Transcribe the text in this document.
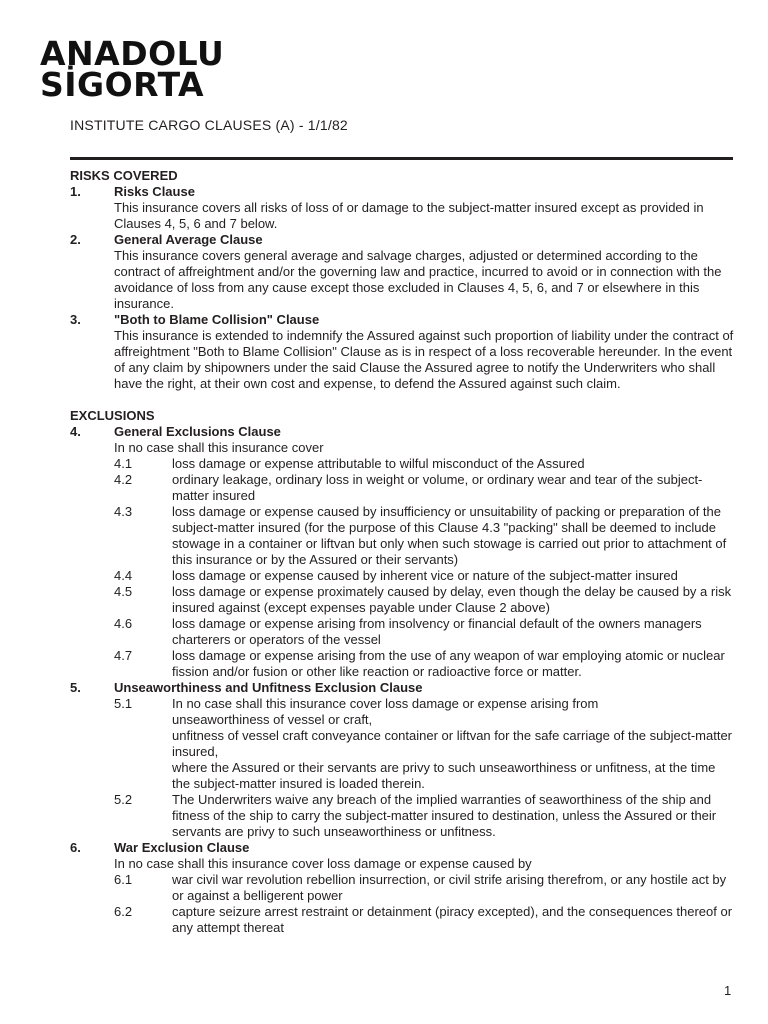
ANADOLU
SİGORTA
INSTITUTE CARGO CLAUSES (A) - 1/1/82
RISKS COVERED
1.	Risks Clause
This insurance covers all risks of loss of or damage to the subject-matter insured except as provided in Clauses 4, 5, 6 and 7 below.
2.	General Average Clause
This insurance covers general average and salvage charges, adjusted or determined according to the contract of affreightment and/or the governing law and practice, incurred to avoid or in connection with the avoidance of loss from any cause except those excluded in Clauses 4, 5, 6, and 7 or elsewhere in this insurance.
3.	"Both to Blame Collision" Clause
This insurance is extended to indemnify the Assured against such proportion of liability under the contract of affreightment "Both to Blame Collision" Clause as is in respect of a loss recoverable hereunder. In the event of any claim by shipowners under the said Clause the Assured agree to notify the Underwriters who shall have the right, at their own cost and expense, to defend the Assured against such claim.
EXCLUSIONS
4.	General Exclusions Clause
In no case shall this insurance cover
4.1	loss damage or expense attributable to wilful misconduct of the Assured
4.2	ordinary leakage, ordinary loss in weight or volume, or ordinary wear and tear of the subject-matter insured
4.3	loss damage or expense caused by insufficiency or unsuitability of packing or preparation of the subject-matter insured (for the purpose of this Clause 4.3 "packing" shall be deemed to include stowage in a container or liftvan but only when such stowage is carried out prior to attachment of this insurance or by the Assured or their servants)
4.4	loss damage or expense caused by inherent vice or nature of the subject-matter insured
4.5	loss damage or expense proximately caused by delay, even though the delay be caused by a risk insured against (except expenses payable under Clause 2 above)
4.6	loss damage or expense arising from insolvency or financial default of the owners managers charterers or operators of the vessel
4.7	loss damage or expense arising from the use of any weapon of war employing atomic or nuclear fission and/or fusion or other like reaction or radioactive force or matter.
5.	Unseaworthiness and Unfitness Exclusion Clause
5.1	In no case shall this insurance cover loss damage or expense arising from
unseaworthiness of vessel or craft,
unfitness of vessel craft conveyance container or liftvan for the safe carriage of the subject-matter insured,
where the Assured or their servants are privy to such unseaworthiness or unfitness, at the time the subject-matter insured is loaded therein.
5.2	The Underwriters waive any breach of the implied warranties of seaworthiness of the ship and fitness of the ship to carry the subject-matter insured to destination, unless the Assured or their servants are privy to such unseaworthiness or unfitness.
6.	War Exclusion Clause
In no case shall this insurance cover loss damage or expense caused by
6.1	war civil war revolution rebellion insurrection, or civil strife arising therefrom, or any hostile act by or against a belligerent power
6.2	capture seizure arrest restraint or detainment (piracy excepted), and the consequences thereof or any attempt thereat
1
